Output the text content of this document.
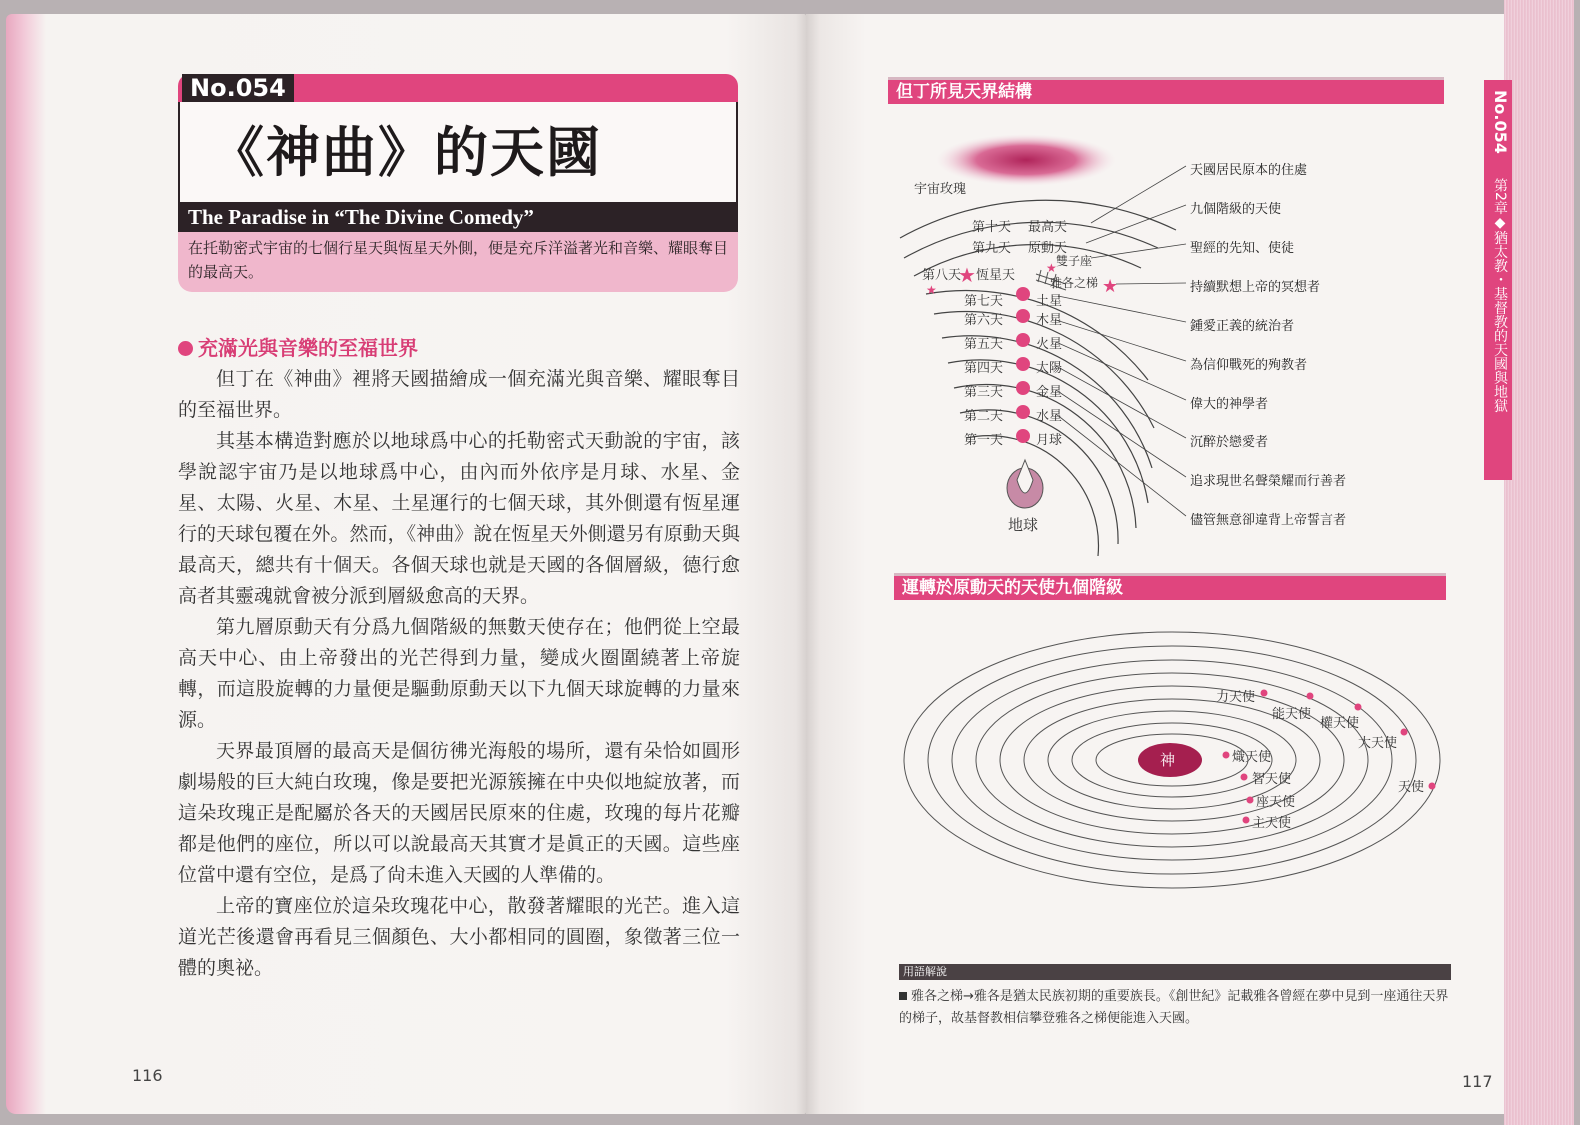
No.054
《神曲》的天國
The Paradise in “The Divine Comedy”
在托勒密式宇宙的七個行星天與恆星天外側，便是充斥洋溢著光和音樂、耀眼奪目的最高天。
充滿光與音樂的至福世界

但丁在《神曲》裡將天國描繪成一個充滿光與音樂、耀眼奪目的至福世界。

其基本構造對應於以地球爲中心的托勒密式天動說的宇宙，該學說認宇宙乃是以地球爲中心，由內而外依序是月球、水星、金星、太陽、火星、木星、土星運行的七個天球，其外側還有恆星運行的天球包覆在外。然而，《神曲》說在恆星天外側還另有原動天與最高天，總共有十個天。各個天球也就是天國的各個層級，德行愈高者其靈魂就會被分派到層級愈高的天界。

第九層原動天有分爲九個階級的無數天使存在；他們從上空最高天中心、由上帝發出的光芒得到力量，變成火圈圍繞著上帝旋轉，而這股旋轉的力量便是驅動原動天以下九個天球旋轉的力量來源。

天界最頂層的最高天是個彷彿光海般的場所，還有朵恰如圓形劇場般的巨大純白玫瑰，像是要把光源簇擁在中央似地綻放著，而這朵玫瑰正是配屬於各天的天國居民原來的住處，玫瑰的每片花瓣都是他們的座位，所以可以說最高天其實才是眞正的天國。這些座位當中還有空位，是爲了尙未進入天國的人準備的。

上帝的寶座位於這朵玫瑰花中心，散發著耀眼的光芒。進入這道光芒後還會再看見三個顏色、大小都相同的圓圈，象徵著三位一體的奧祕。

116
但丁所見天界結構
★
★
★
★
宇宙玫瑰
第十天 最高天
第九天 原動天
第八天 恆星天
第七天	土星
第六天	木星
第五天	火星
第四天	太陽
第三天	金星
第二天	水星
第一天	月球
雙子座
雅各之梯
地球
天國居民原本的住處
九個階級的天使
聖經的先知、使徒
持續默想上帝的冥想者
鍾愛正義的統治者
為信仰戰死的殉教者
偉大的神學者
沉醉於戀愛者
追求現世名聲榮耀而行善者
儘管無意卻違背上帝誓言者
運轉於原動天的天使九個階級
神	熾天使
智天使
座天使
主天使
力天使
能天使
權天使
大天使
天使
用語解說
雅各之梯→雅各是猶太民族初期的重要族長。《創世紀》記載雅各曾經在夢中見到一座通往天界的梯子，故基督教相信攀登雅各之梯便能進入天國。
No.054
第2章◆猶太教・基督教的天國與地獄
117
